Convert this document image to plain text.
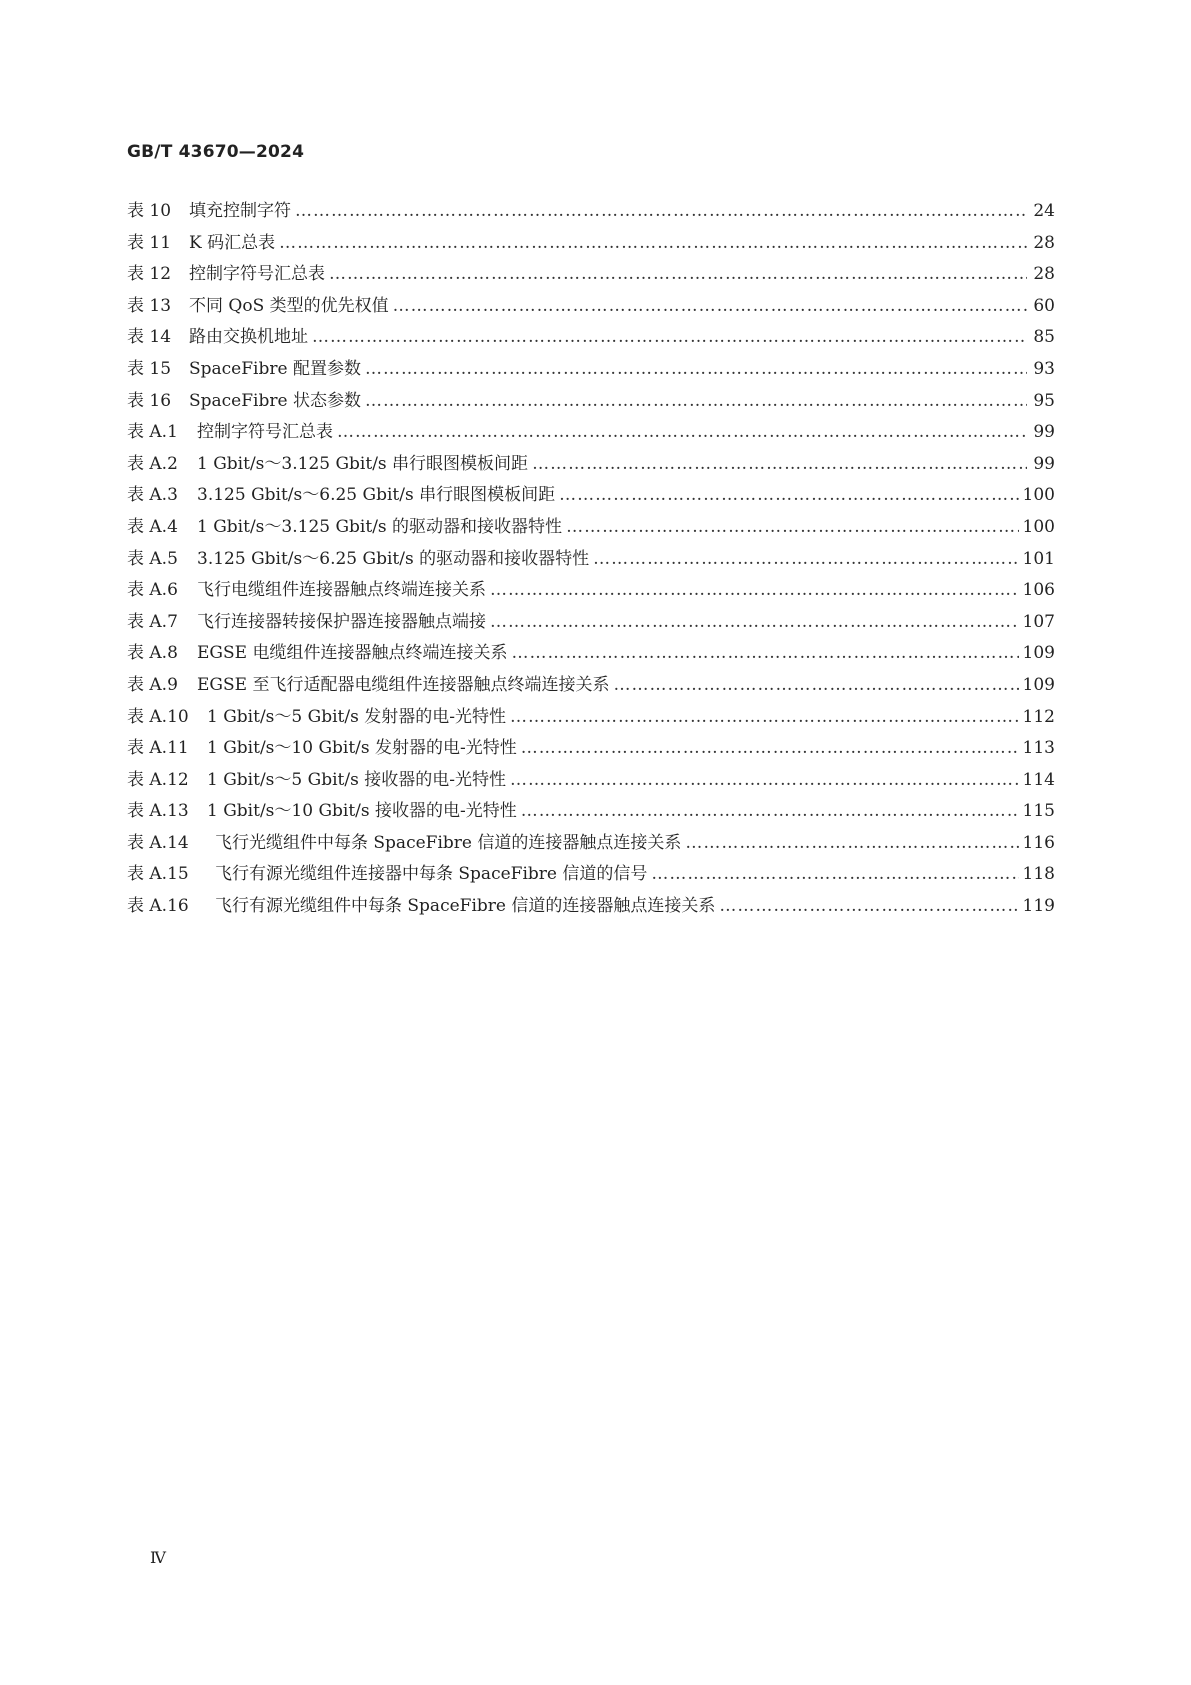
GB/T 43670—2024

表 10	填充控制字符 ………………………………………………………………………………………………………………………………………………………………………………………………	24
表 11	K 码汇总表 ………………………………………………………………………………………………………………………………………………………………………………………………	28
表 12	控制字符号汇总表 ………………………………………………………………………………………………………………………………………………………………………………………………	28
表 13	不同 QoS 类型的优先权值 ………………………………………………………………………………………………………………………………………………………………………………………………	60
表 14	路由交换机地址 ………………………………………………………………………………………………………………………………………………………………………………………………	85
表 15	SpaceFibre 配置参数 ………………………………………………………………………………………………………………………………………………………………………………………………	93
表 16	SpaceFibre 状态参数 ………………………………………………………………………………………………………………………………………………………………………………………………	95
表 A.1	控制字符号汇总表 ………………………………………………………………………………………………………………………………………………………………………………………………	99
表 A.2	1 Gbit/s～3.125 Gbit/s 串行眼图模板间距 ………………………………………………………………………………………………………………………………………………………………………………………………	99
表 A.3	3.125 Gbit/s～6.25 Gbit/s 串行眼图模板间距 ………………………………………………………………………………………………………………………………………………………………………………………………	100
表 A.4	1 Gbit/s～3.125 Gbit/s 的驱动器和接收器特性 ………………………………………………………………………………………………………………………………………………………………………………………………	100
表 A.5	3.125 Gbit/s～6.25 Gbit/s 的驱动器和接收器特性 ………………………………………………………………………………………………………………………………………………………………………………………………	101
表 A.6	飞行电缆组件连接器触点终端连接关系 ………………………………………………………………………………………………………………………………………………………………………………………………	106
表 A.7	飞行连接器转接保护器连接器触点端接 ………………………………………………………………………………………………………………………………………………………………………………………………	107
表 A.8	EGSE 电缆组件连接器触点终端连接关系 ………………………………………………………………………………………………………………………………………………………………………………………………	109
表 A.9	EGSE 至飞行适配器电缆组件连接器触点终端连接关系 ………………………………………………………………………………………………………………………………………………………………………………………………	109
表 A.10	1 Gbit/s～5 Gbit/s 发射器的电-光特性 ………………………………………………………………………………………………………………………………………………………………………………………………	112
表 A.11	1 Gbit/s～10 Gbit/s 发射器的电-光特性 ………………………………………………………………………………………………………………………………………………………………………………………………	113
表 A.12	1 Gbit/s～5 Gbit/s 接收器的电-光特性 ………………………………………………………………………………………………………………………………………………………………………………………………	114
表 A.13	1 Gbit/s～10 Gbit/s 接收器的电-光特性 ………………………………………………………………………………………………………………………………………………………………………………………………	115
表 A.14	飞行光缆组件中每条 SpaceFibre 信道的连接器触点连接关系 ………………………………………………………………………………………………………………………………………………………………………………………………	116
表 A.15	飞行有源光缆组件连接器中每条 SpaceFibre 信道的信号 ………………………………………………………………………………………………………………………………………………………………………………………………	118
表 A.16	飞行有源光缆组件中每条 SpaceFibre 信道的连接器触点连接关系 ………………………………………………………………………………………………………………………………………………………………………………………………	119

Ⅳ
